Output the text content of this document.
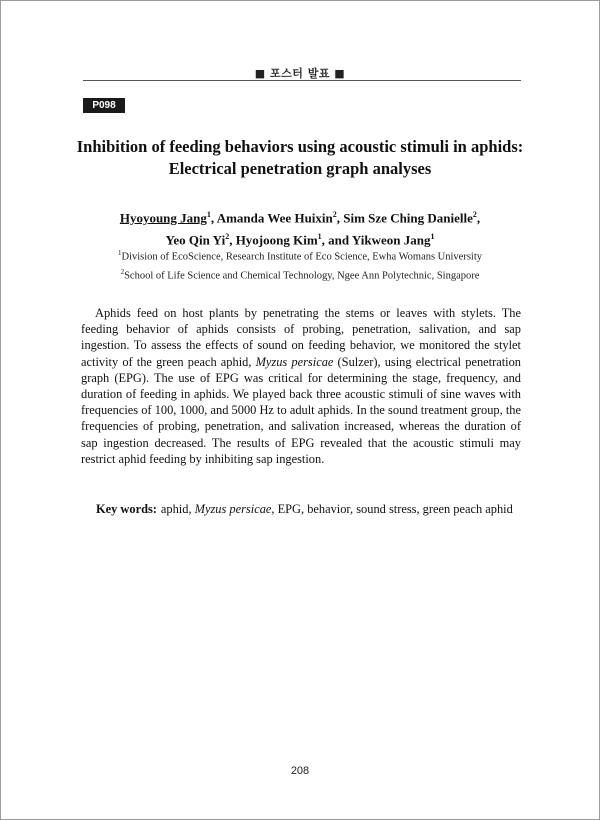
■ 포스터 발표 ■
P098
Inhibition of feeding behaviors using acoustic stimuli in aphids:
Electrical penetration graph analyses
Hyoyoung Jang$^1$, Amanda Wee Huixin$^2$, Sim Sze Ching Danielle$^2$,
Yeo Qin Yi$^2$, Hyojoong Kim$^1$, and Yikweon Jang$^1$
$^1$Division of EcoScience, Research Institute of Eco Science, Ewha Womans University
$^2$School of Life Science and Chemical Technology, Ngee Ann Polytechnic, Singapore
Aphids feed on host plants by penetrating the stems or leaves with stylets. The feeding behavior of aphids consists of probing, penetration, salivation, and sap ingestion. To assess the effects of sound on feeding behavior, we monitored the stylet activity of the green peach aphid, Myzus persicae (Sulzer), using electrical penetration graph (EPG). The use of EPG was critical for determining the stage, frequency, and duration of feeding in aphids. We played back three acoustic stimuli of sine waves with frequencies of 100, 1000, and 5000 Hz to adult aphids. In the sound treatment group, the frequencies of probing, penetration, and salivation increased, whereas the duration of sap ingestion decreased. The results of EPG revealed that the acoustic stimuli may restrict aphid feeding by inhibiting sap ingestion.
Key words: aphid, Myzus persicae, EPG, behavior, sound stress, green peach aphid
208
